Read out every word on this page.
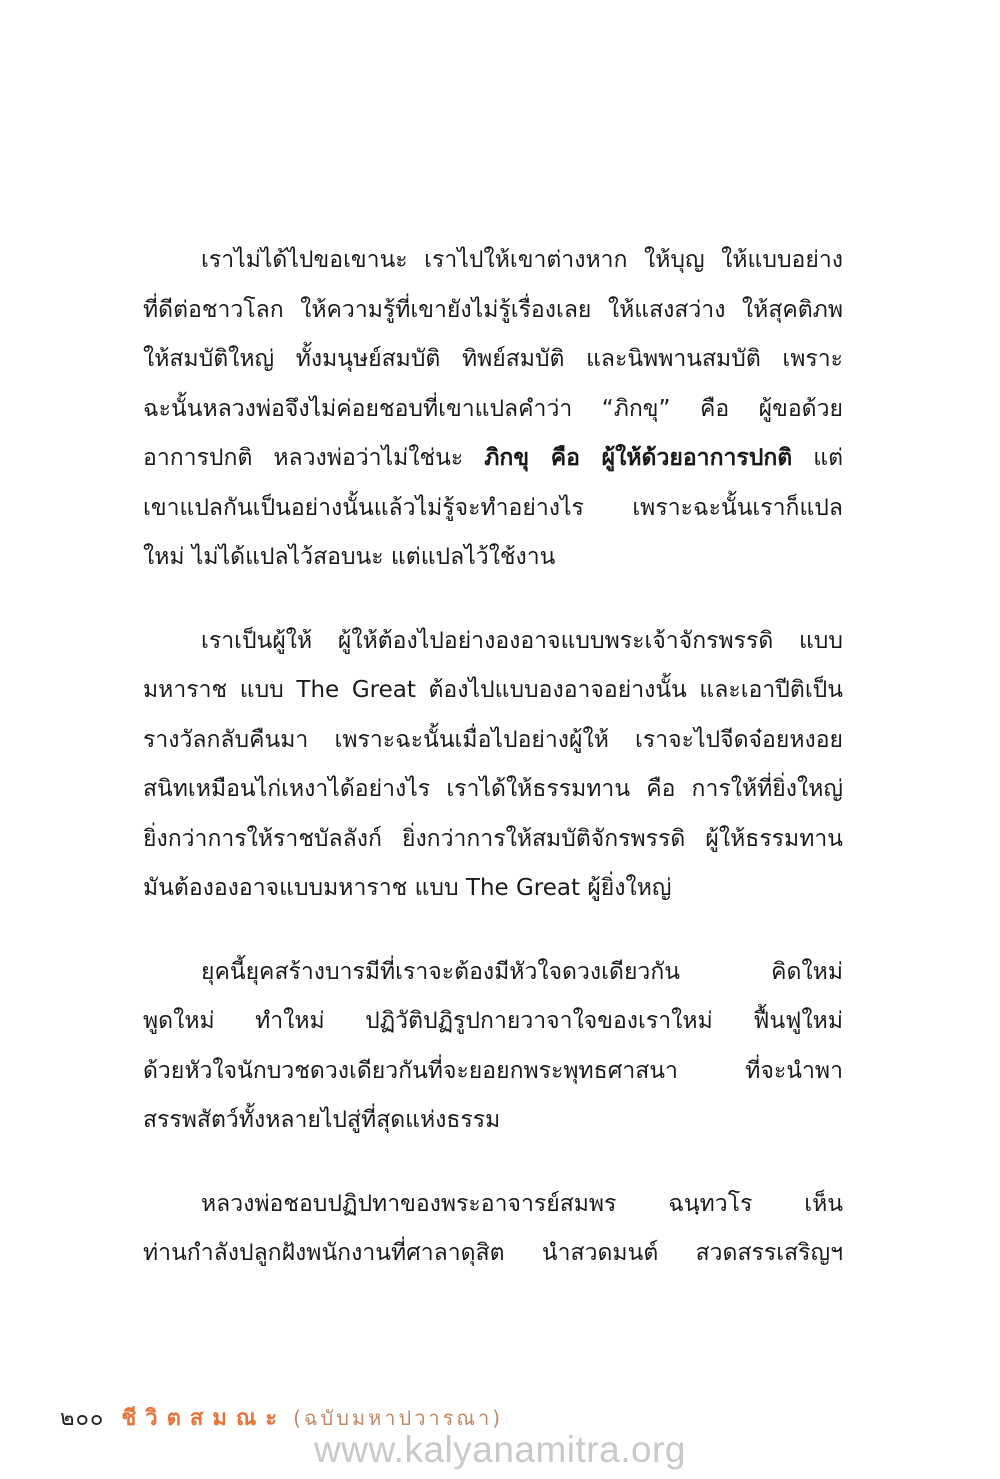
เราไม่ได้ไปขอเขานะ เราไปให้เขาต่างหาก ให้บุญ ให้แบบอย่าง
ที่ดีต่อชาวโลก ให้ความรู้ที่เขายังไม่รู้เรื่องเลย ให้แสงสว่าง ให้สุคติภพ
ให้สมบัติใหญ่ ทั้งมนุษย์สมบัติ ทิพย์สมบัติ และนิพพานสมบัติ เพราะ
ฉะนั้นหลวงพ่อจึงไม่ค่อยชอบที่เขาแปลคำว่า “ภิกขุ” คือ ผู้ขอด้วย
อาการปกติ หลวงพ่อว่าไม่ใช่นะ ภิกขุ คือ ผู้ให้ด้วยอาการปกติ แต่
เขาแปลกันเป็นอย่างนั้นแล้วไม่รู้จะทำอย่างไร เพราะฉะนั้นเราก็แปล
ใหม่ ไม่ได้แปลไว้สอบนะ แต่แปลไว้ใช้งาน
เราเป็นผู้ให้ ผู้ให้ต้องไปอย่างองอาจแบบพระเจ้าจักรพรรดิ แบบ
มหาราช แบบ The Great ต้องไปแบบองอาจอย่างนั้น และเอาปีติเป็น
รางวัลกลับคืนมา เพราะฉะนั้นเมื่อไปอย่างผู้ให้ เราจะไปจีดจ๋อยหงอย
สนิทเหมือนไก่เหงาได้อย่างไร เราได้ให้ธรรมทาน คือ การให้ที่ยิ่งใหญ่
ยิ่งกว่าการให้ราชบัลลังก์ ยิ่งกว่าการให้สมบัติจักรพรรดิ ผู้ให้ธรรมทาน
มันต้ององอาจแบบมหาราช แบบ The Great ผู้ยิ่งใหญ่
ยุคนี้ยุคสร้างบารมีที่เราจะต้องมีหัวใจดวงเดียวกัน คิดใหม่
พูดใหม่ ทำใหม่ ปฏิวัติปฏิรูปกายวาจาใจของเราใหม่ ฟื้นฟูใหม่
ด้วยหัวใจนักบวชดวงเดียวกันที่จะยอยกพระพุทธศาสนา ที่จะนำพา
สรรพสัตว์ทั้งหลายไปสู่ที่สุดแห่งธรรม
หลวงพ่อชอบปฏิปทาของพระอาจารย์สมพร ฉนฺทวโร เห็น
ท่านกำลังปลูกฝังพนักงานที่ศาลาดุสิต นำสวดมนต์ สวดสรรเสริญฯ
๒๐๐ ชีวิตสมณะ (ฉบับมหาปวารณา)
www.kalyanamitra.org
